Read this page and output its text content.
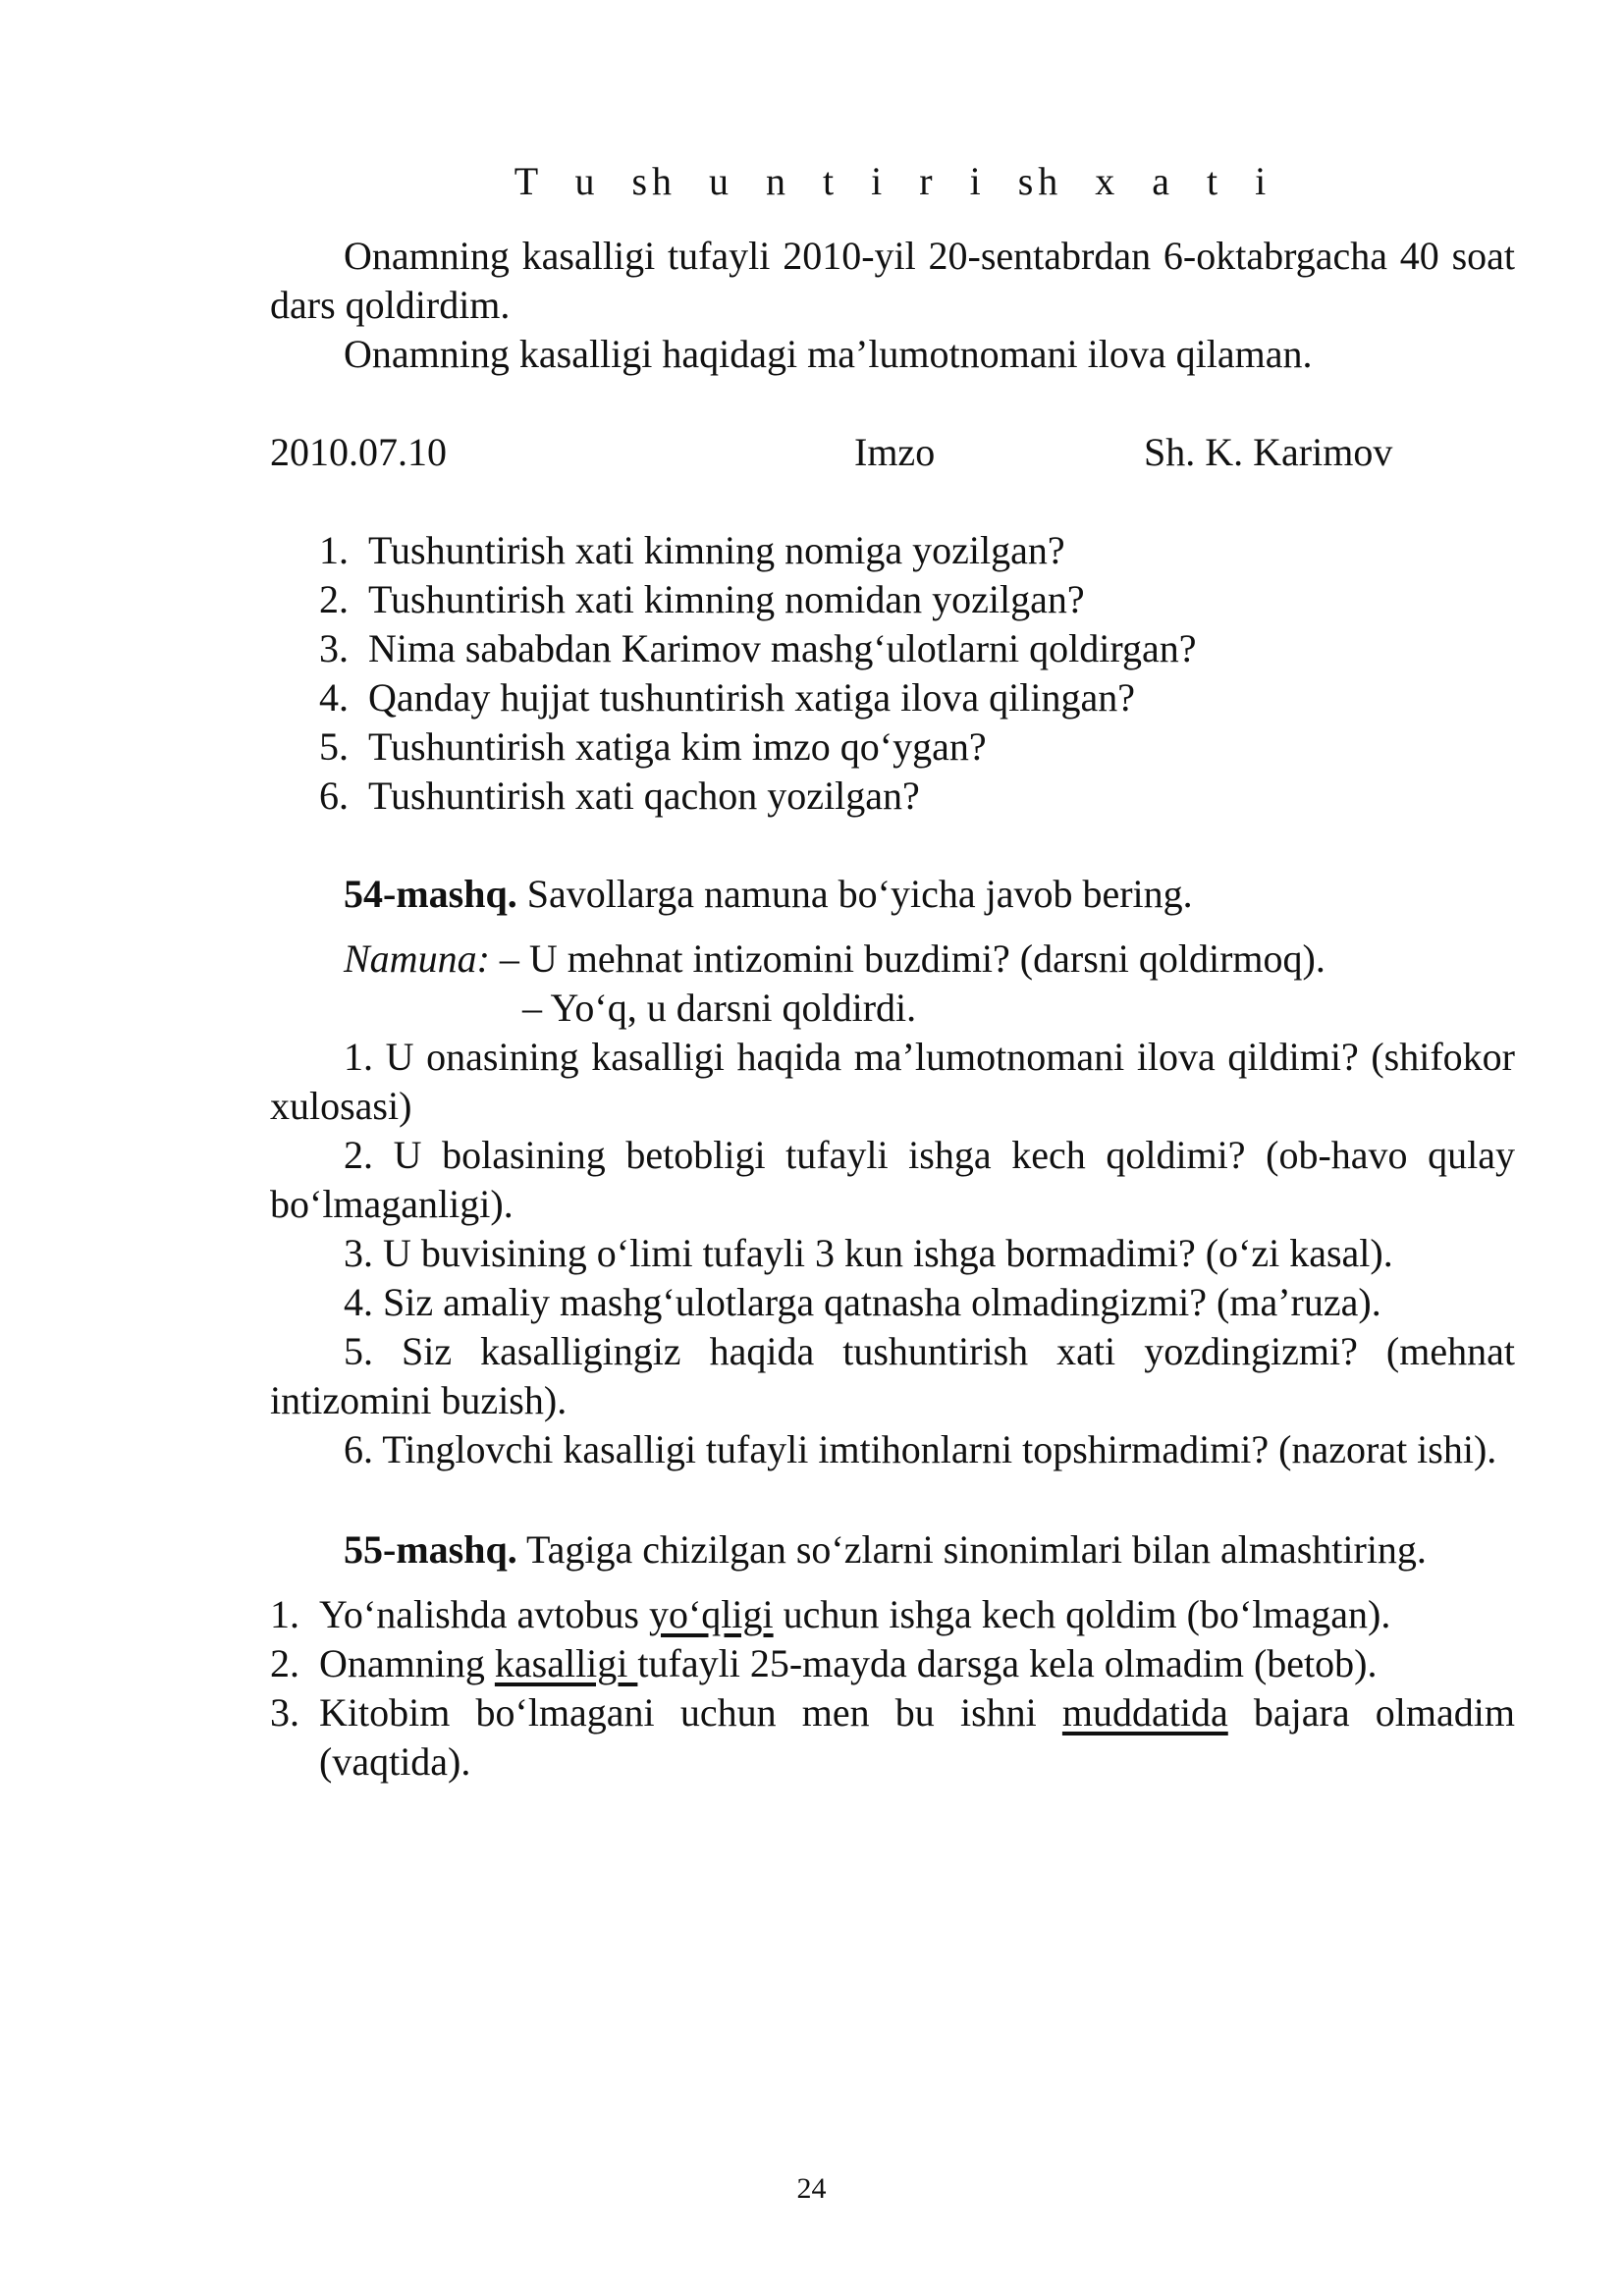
T u sh u n t i r i sh x a t i

Onamning kasalligi tufayli 2010-yil 20-sentabrdan 6-oktabrgacha 40 soat dars qoldirdim.

Onamning kasalligi haqidagi ma’lumotnomani ilova qilaman.

2010.07.10	Imzo	Sh. K. Karimov
1. Tushuntirish xati kimning nomiga yozilgan?
2. Tushuntirish xati kimning nomidan yozilgan?
3. Nima sababdan Karimov mashg‘ulotlarni qoldirgan?
4. Qanday hujjat tushuntirish xatiga ilova qilingan?
5. Tushuntirish xatiga kim imzo qo‘ygan?
6. Tushuntirish xati qachon yozilgan?

54-mashq. Savollarga namuna bo‘yicha javob bering.

Namuna: – U mehnat intizomini buzdimi? (darsni qoldirmoq).

– Yo‘q, u darsni qoldirdi.

1. U onasining kasalligi haqida ma’lumotnomani ilova qildimi? (shifokor xulosasi)

2. U bolasining betobligi tufayli ishga kech qoldimi? (ob-havo qulay bo‘lmaganligi).

3. U buvisining o‘limi tufayli 3 kun ishga bormadimi? (o‘zi kasal).

4. Siz amaliy mashg‘ulotlarga qatnasha olmadingizmi? (ma’ruza).

5. Siz kasalligingiz haqida tushuntirish xati yozdingizmi? (mehnat intizomini buzish).

6. Tinglovchi kasalligi tufayli imtihonlarni topshirmadimi? (nazorat ishi).

55-mashq. Tagiga chizilgan so‘zlarni sinonimlari bilan almashtiring.

1. Yo‘nalishda avtobus yo‘qligi uchun ishga kech qoldim (bo‘lmagan).
2. Onamning kasalligi tufayli 25-mayda darsga kela olmadim (betob).
3. Kitobim bo‘lmagani uchun men bu ishni muddatida bajara olmadim (vaqtida).
24
